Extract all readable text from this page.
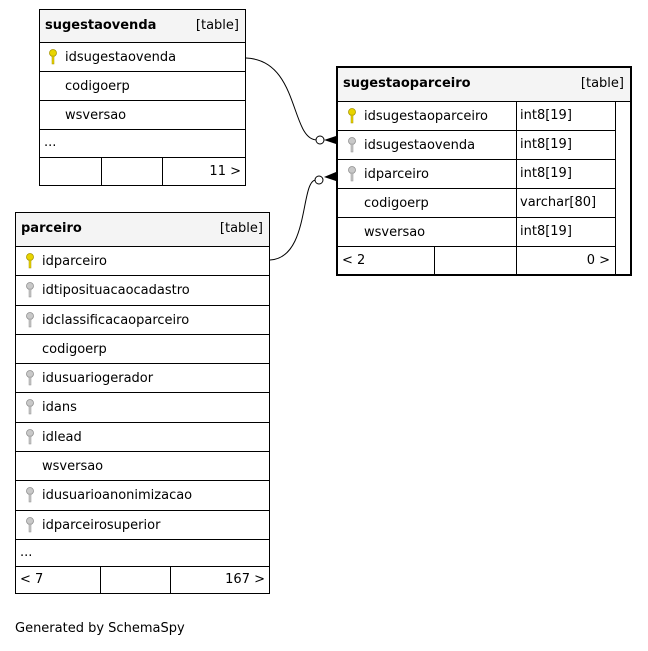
sugestaovenda	[table]
idsugestaovenda
codigoerp
wsversao
...
11 >
sugestaoparceiro	[table]
idsugestaoparceiro int8[19]
idsugestaovenda	int8[19]
idparceiro	int8[19]
codigoerp	varchar[80]
wsversao	int8[19]
< 2	0 >
parceiro	[table]
idparceiro
idtiposituacaocadastro
idclassificacaoparceiro
codigoerp
idusuariogerador
idans
idlead
wsversao
idusuarioanonimizacao
idparceirosuperior
...
< 7	167 >
Generated by SchemaSpy
